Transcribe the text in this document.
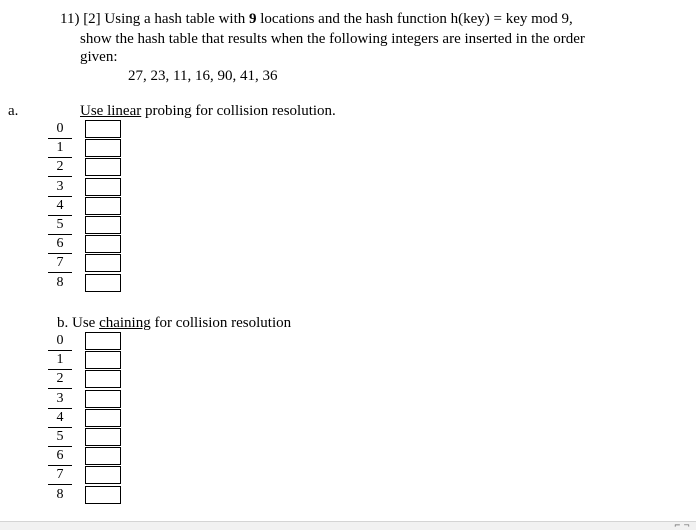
11) [2] Using a hash table with 9 locations and the hash function h(key) = key mod 9,
show the hash table that results when the following integers are inserted in the order
given:
27, 23, 11, 16, 90, 41, 36
a.	Use linear probing for collision resolution.
0
1
2
3
4
5
6
7
8
b. Use chaining for collision resolution
0
1
2
3
4
5
6
7
8
⌐ ¬
